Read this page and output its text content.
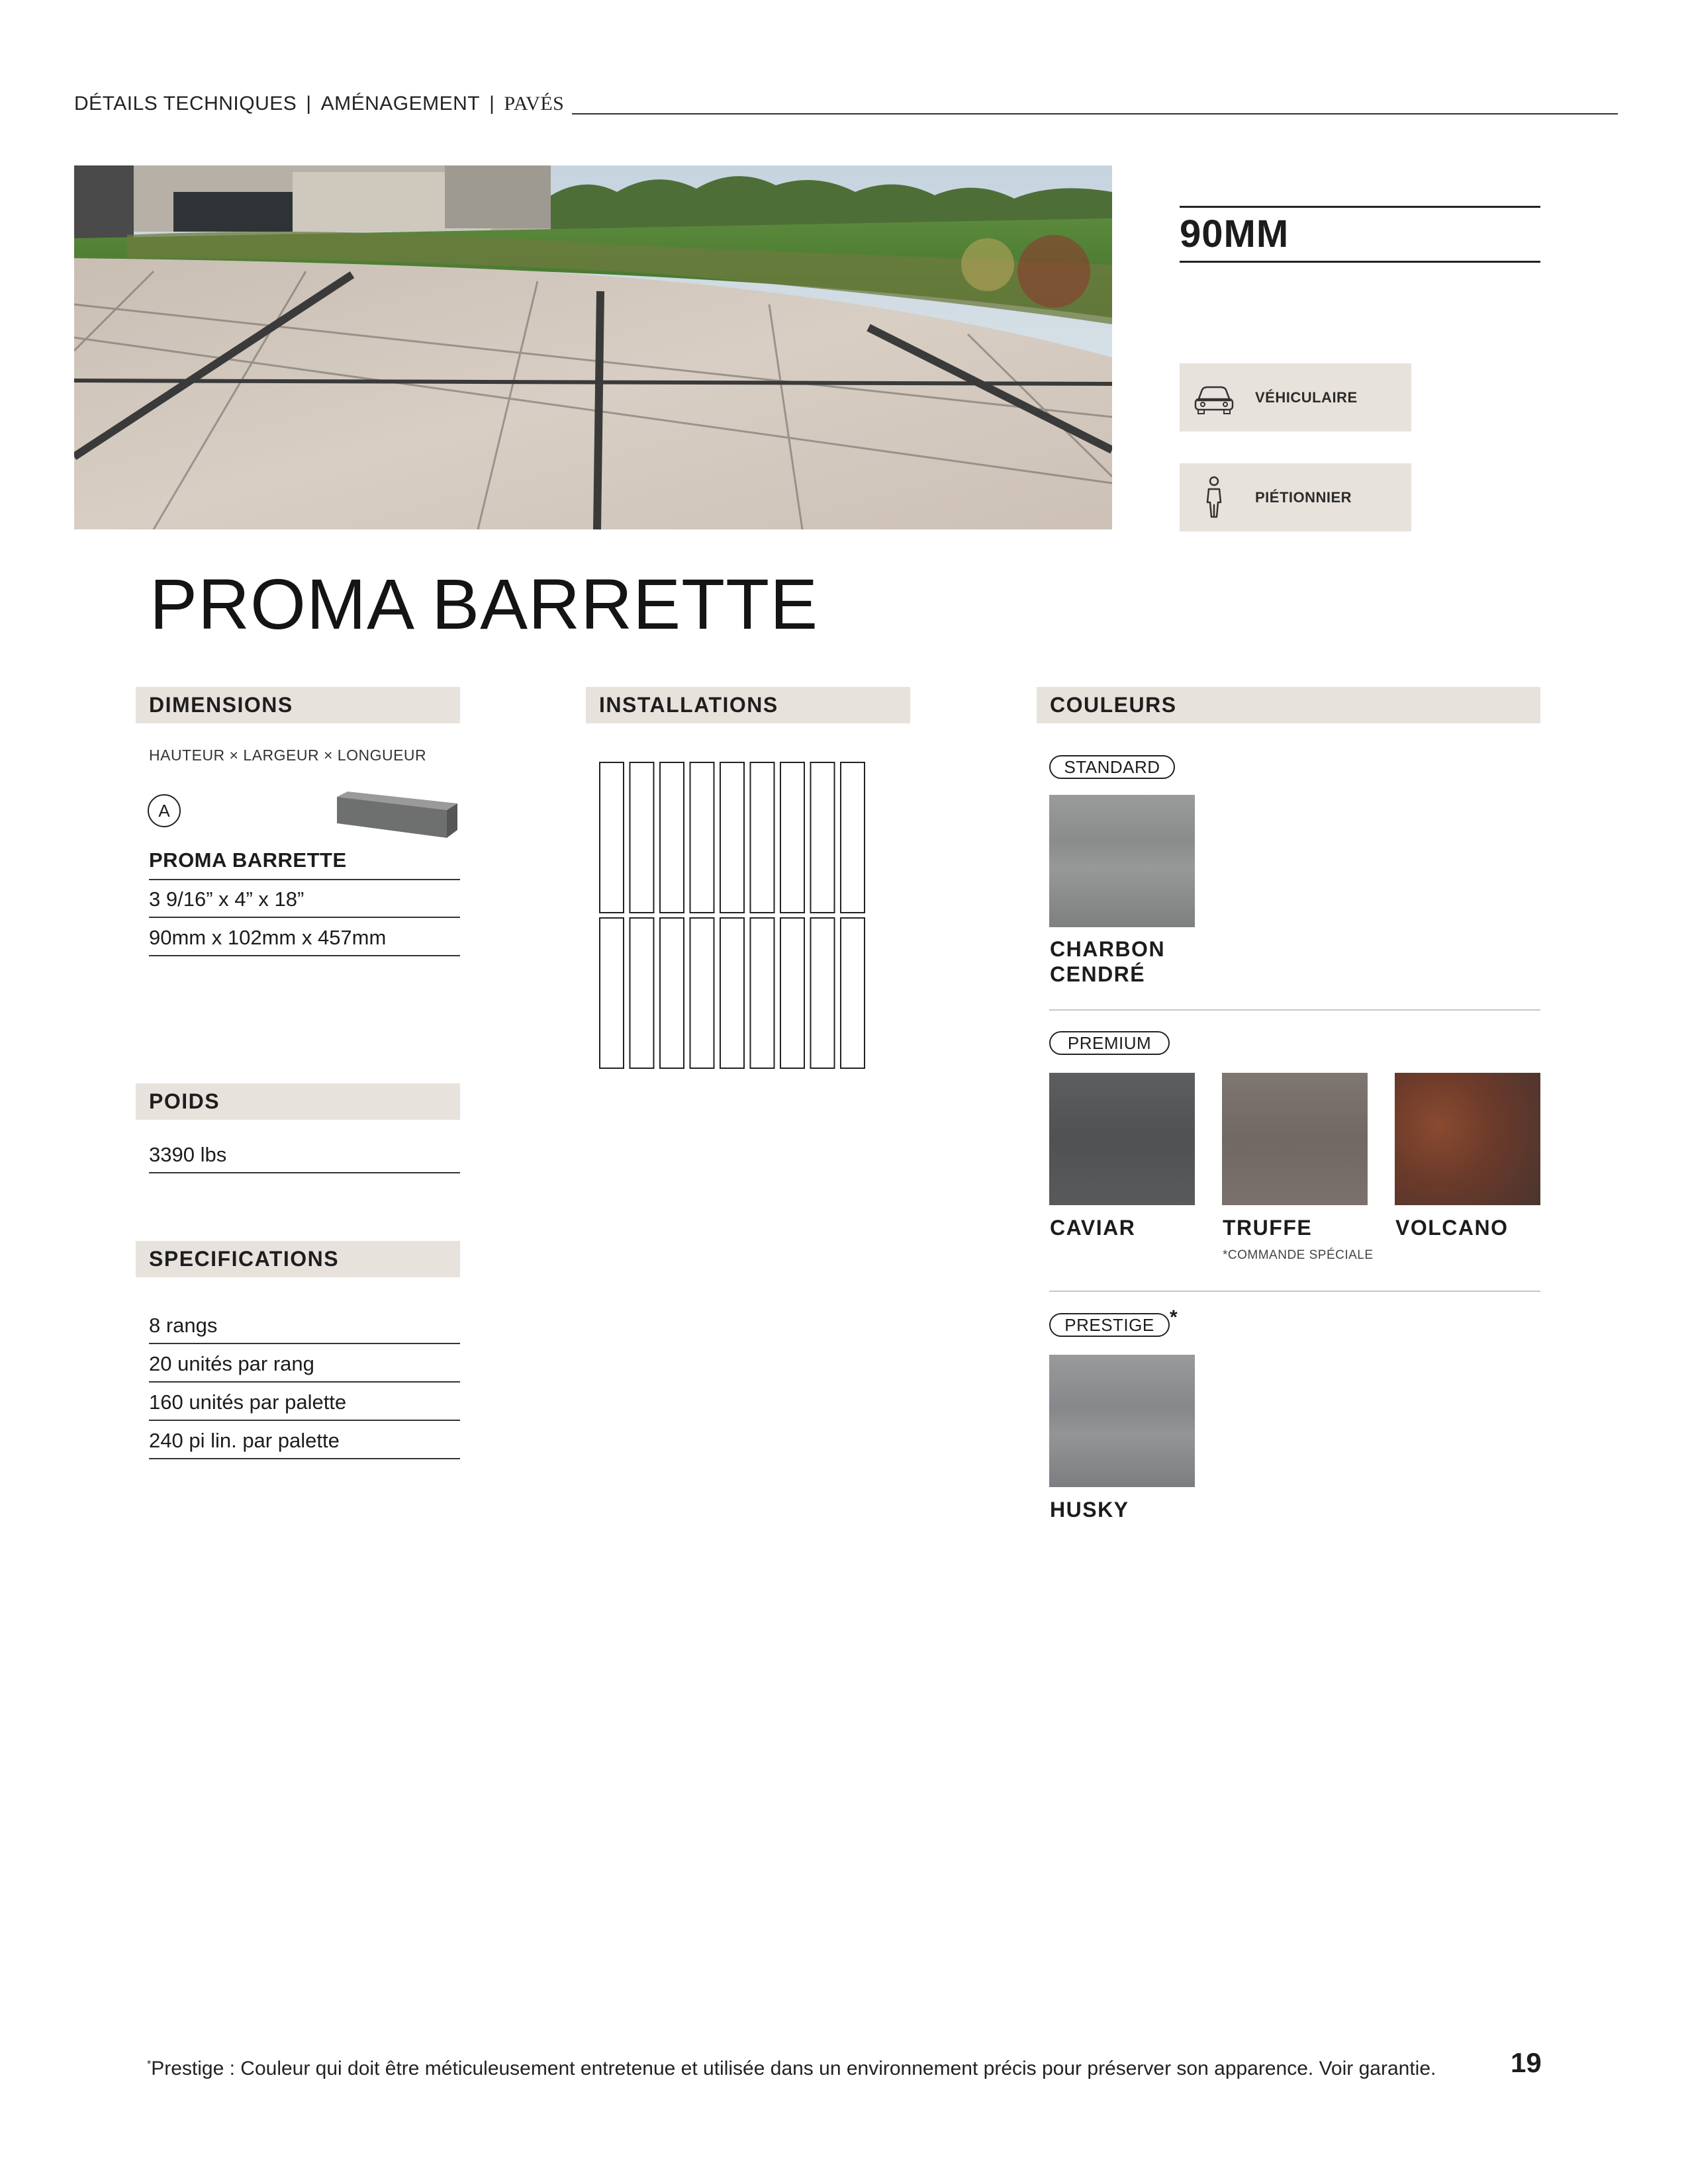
DÉTAILS TECHNIQUES | AMÉNAGEMENT | PAVÉS
90MM
VÉHICULAIRE
PIÉTIONNIER
PROMA BARRETTE
DIMENSIONS
HAUTEUR × LARGEUR × LONGUEUR
A
PROMA BARRETTE
3 9/16” x 4” x 18”
90mm x 102mm x 457mm
POIDS
3390 lbs
SPECIFICATIONS
8 rangs
20 unités par rang
160 unités par palette
240 pi lin. par palette
INSTALLATIONS	COULEURS
STANDARD
CHARBON CENDRÉ
PREMIUM
CAVIAR	TRUFFE
*COMMANDE SPÉCIALE
VOLCANO
PRESTIGE *
HUSKY
*Prestige : Couleur qui doit être méticuleusement entretenue et utilisée dans un environnement précis pour préserver son apparence. Voir garantie.	19
